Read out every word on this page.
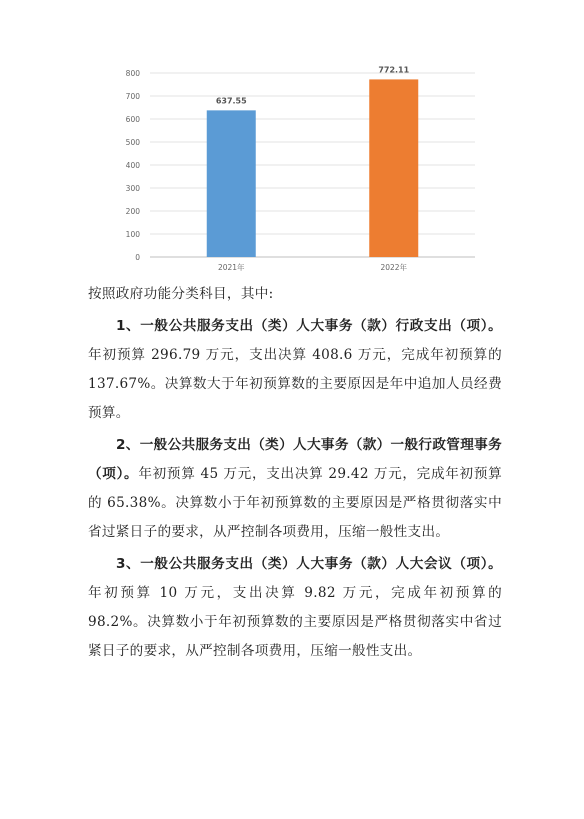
0
100
200
300
400
500
600
700
800
637.55
2021年
772.11
2022年
按照政府功能分类科目，其中:

1、一般公共服务支出（类）人大事务（款）行政支出（项）。年初预算 296.79 万元，支出决算 408.6 万元，完成年初预算的 137.67%。决算数大于年初预算数的主要原因是年中追加人员经费预算。

2、一般公共服务支出（类）人大事务（款）一般行政管理事务（项）。年初预算 45 万元，支出决算 29.42 万元，完成年初预算的 65.38%。决算数小于年初预算数的主要原因是严格贯彻落实中省过紧日子的要求，从严控制各项费用，压缩一般性支出。

3、一般公共服务支出（类）人大事务（款）人大会议（项）。年初预算 10 万元，支出决算 9.82 万元，完成年初预算的 98.2%。决算数小于年初预算数的主要原因是严格贯彻落实中省过紧日子的要求，从严控制各项费用，压缩一般性支出。
